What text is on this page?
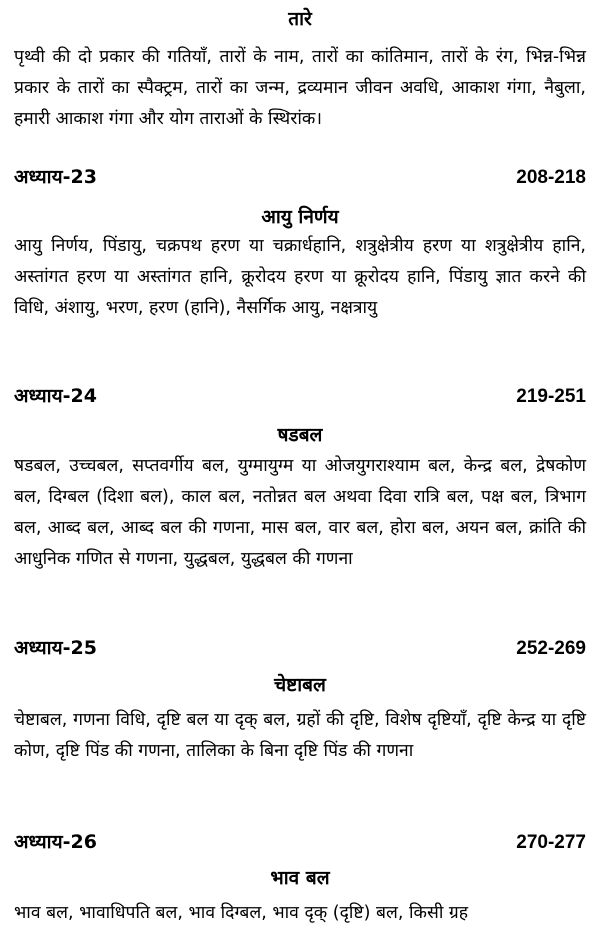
तारे

पृथ्वी की दो प्रकार की गतियाँ, तारों के नाम, तारों का कांतिमान, तारों के रंग, भिन्न-भिन्न प्रकार के तारों का स्पैक्ट्रम, तारों का जन्म, द्रव्यमान जीवन अवधि, आकाश गंगा, नैबुला, हमारी आकाश गंगा और योग ताराओं के स्थिरांक।

अध्याय-23	208-218
आयु निर्णय

आयु निर्णय, पिंडायु, चक्रपथ हरण या चक्रार्धहानि, शत्रुक्षेत्रीय हरण या शत्रुक्षेत्रीय हानि, अस्तांगत हरण या अस्तांगत हानि, क्रूरोदय हरण या क्रूरोदय हानि, पिंडायु ज्ञात करने की विधि, अंशायु, भरण, हरण (हानि), नैसर्गिक आयु, नक्षत्रायु

अध्याय-24	219-251
षडबल

षडबल, उच्चबल, सप्तवर्गीय बल, युग्मायुग्म या ओजयुगराश्याम बल, केन्द्र बल, द्रेषकोण बल, दिग्बल (दिशा बल), काल बल, नतोन्नत बल अथवा दिवा रात्रि बल, पक्ष बल, त्रिभाग बल, आब्द बल, आब्द बल की गणना, मास बल, वार बल, होरा बल, अयन बल, क्रांति की आधुनिक गणित से गणना, युद्धबल, युद्धबल की गणना

अध्याय-25	252-269
चेष्टाबल

चेष्टाबल, गणना विधि, दृष्टि बल या दृक् बल, ग्रहों की दृष्टि, विशेष दृष्टियाँ, दृष्टि केन्द्र या दृष्टि कोण, दृष्टि पिंड की गणना, तालिका के बिना दृष्टि पिंड की गणना

अध्याय-26	270-277
भाव बल

भाव बल, भावाधिपति बल, भाव दिग्बल, भाव दृक् (दृष्टि) बल, किसी ग्रह
